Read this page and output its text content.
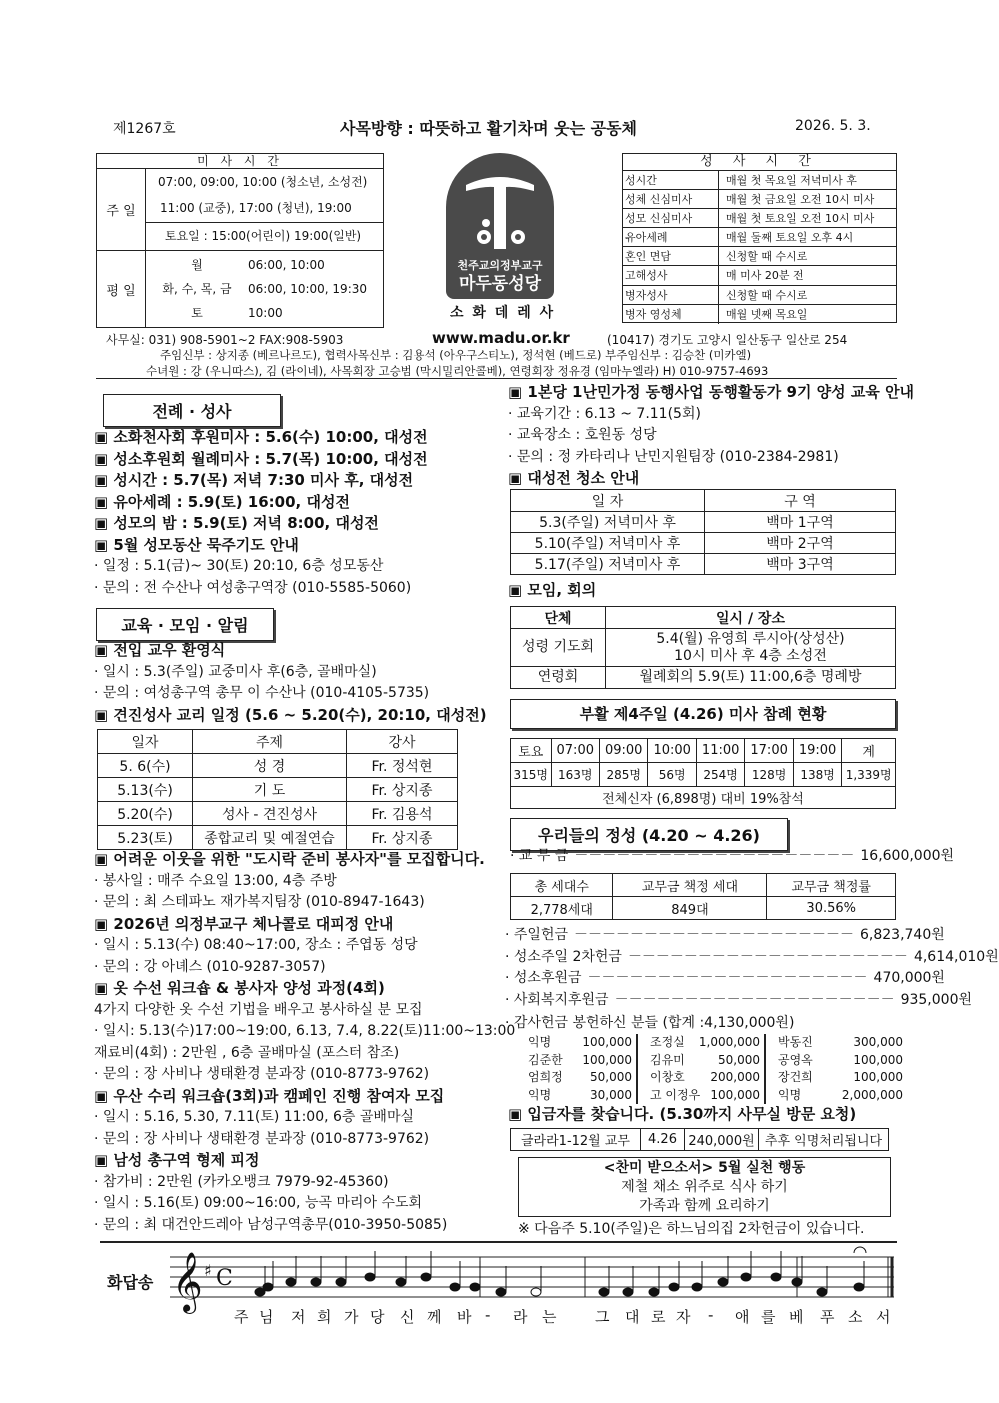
제1267호	사목방향 : 따뜻하고 활기차며 웃는 공동체	2026. 5. 3.
미 사 시 간
주 일
07:00, 09:00, 10:00 (청소년, 소성전)
11:00 (교중), 17:00 (청년), 19:00
토요일 : 15:00(어린이) 19:00(일반)
평 일
월	06:00, 10:00
화, 수, 목, 금	06:00, 10:00, 19:30
토	10:00
천주교의정부교구
마두동성당
소 화 데 레 사
성 사 시 간
성시간	매월 첫 목요일 저녁미사 후
성체 신심미사	매월 첫 금요일 오전 10시 미사
성모 신심미사	매월 첫 토요일 오전 10시 미사
유아세례	매월 둘째 토요일 오후 4시
혼인 면담	신청할 때 수시로
고해성사	매 미사 20분 전
병자성사	신청할 때 수시로
병자 영성체	매월 넷째 목요일
사무실: 031) 908-5901~2 FAX:908-5903	www.madu.or.kr	(10417) 경기도 고양시 일산동구 일산로 254
주임신부 : 상지종 (베르나르도), 협력사목신부 : 김용석 (아우구스티노), 정석현 (베드로) 부주임신부 : 김승찬 (미카엘)
수녀원 : 강 (우니따스), 김 (라이네), 사목회장 고승범 (막시밀리안콜베), 연령회장 정유경 (임마누엘라) H) 010-9757-4693
전례 · 성사
▣ 소화천사회 후원미사 : 5.6(수) 10:00, 대성전
▣ 성소후원회 월례미사 : 5.7(목) 10:00, 대성전
▣ 성시간 : 5.7(목) 저녁 7:30 미사 후, 대성전
▣ 유아세례 : 5.9(토) 16:00, 대성전
▣ 성모의 밤 : 5.9(토) 저녁 8:00, 대성전
▣ 5월 성모동산 묵주기도 안내
· 일정 : 5.1(금)~ 30(토) 20:10, 6층 성모동산
· 문의 : 전 수산나 여성총구역장 (010-5585-5060)
교육 · 모임 · 알림
▣ 전입 교우 환영식
· 일시 : 5.3(주일) 교중미사 후(6층, 골배마실)
· 문의 : 여성총구역 총무 이 수산나 (010-4105-5735)
▣ 견진성사 교리 일정 (5.6 ~ 5.20(수), 20:10, 대성전)
일자	주제	강사
5. 6(수)	성 경	Fr. 정석현
5.13(수)	기 도	Fr. 상지종
5.20(수)	성사 - 견진성사	Fr. 김용석
5.23(토)	종합교리 및 예절연습	Fr. 상지종
▣ 어려운 이웃을 위한 "도시락 준비 봉사자"를 모집합니다.
· 봉사일 : 매주 수요일 13:00, 4층 주방
· 문의 : 최 스테파노 재가복지팀장 (010-8947-1643)
▣ 2026년 의정부교구 체나콜로 대피정 안내
· 일시 : 5.13(수) 08:40~17:00, 장소 : 주엽동 성당
· 문의 : 강 아녜스 (010-9287-3057)
▣ 옷 수선 워크숍 & 봉사자 양성 과정(4회)
4가지 다양한 옷 수선 기법을 배우고 봉사하실 분 모집
· 일시: 5.13(수)17:00~19:00, 6.13, 7.4, 8.22(토)11:00~13:00
재료비(4회) : 2만원 , 6층 골배마실 (포스터 참조)
· 문의 : 장 사비나 생태환경 분과장 (010-8773-9762)
▣ 우산 수리 워크숍(3회)과 캠페인 진행 참여자 모집
· 일시 : 5.16, 5.30, 7.11(토) 11:00, 6층 골배마실
· 문의 : 장 사비나 생태환경 분과장 (010-8773-9762)
▣ 남성 총구역 형제 피정
· 참가비 : 2만원 (카카오뱅크 7979-92-45360)
· 일시 : 5.16(토) 09:00~16:00, 능곡 마리아 수도회
· 문의 : 최 대건안드레아 남성구역총무(010-3950-5085)
▣ 1본당 1난민가정 동행사업 동행활동가 9기 양성 교육 안내
· 교육기간 : 6.13 ~ 7.11(5회)
· 교육장소 : 호원동 성당
· 문의 : 정 카타리나 난민지원팀장 (010-2384-2981)
▣ 대성전 청소 안내
일 자	구 역
5.3(주일) 저녁미사 후	백마 1구역
5.10(주일) 저녁미사 후	백마 2구역
5.17(주일) 저녁미사 후	백마 3구역
▣ 모임, 회의
단체	일시 / 장소
성령 기도회	5.4(월) 유영희 루시아(상성산)
10시 미사 후 4층 소성전
연령회	월례회의 5.9(토) 11:00,6층 명례방
부활 제4주일 (4.26) 미사 참례 현황
토요	07:00	09:00	10:00	11:00	17:00	19:00	계
315명	163명	285명	56명	254명	128명	138명	1,339명
전체신자 (6,898명) 대비 19%참석							
우리들의 정성 (4.20 ~ 4.26)
· 교 무 금 －－－－－－－－－－－－－－－－－－－－ 16,600,000원
총 세대수	교무금 책정 세대	교무금 책정률
2,778세대	849대	30.56%
· 주일헌금 －－－－－－－－－－－－－－－－－－－－ 6,823,740원
· 성소주일 2차헌금 －－－－－－－－－－－－－－－－－－－－ 4,614,010원
· 성소후원금 －－－－－－－－－－－－－－－－－－－－ 470,000원
· 사회복지후원금 －－－－－－－－－－－－－－－－－－－－ 935,000원
· 감사헌금 봉헌하신 분들 (합계 :4,130,000원)
익명	100,000 조정실 1,000,000 박동진	300,000
김준한 100,000 김유미	50,000 공영옥	100,000
엄희정 50,000 이창호 200,000 장건희	100,000
익명	30,000 고 이정우 100,000 익명	2,000,000
▣ 입금자를 찾습니다. (5.30까지 사무실 방문 요청)
글라라1-12월 교무	4.26	240,000원	추후 익명처리됩니다
<찬미 받으소서> 5월 실천 행동
제철 채소 위주로 식사 하기
가족과 함께 요리하기
※ 다음주 5.10(주일)은 하느님의집 2차헌금이 있습니다.
화답송 𝄞 ♯ C
주 님 저 희 가 당 신 께 바 - 라 는	그 대 로 자 - 애 를 베 푸 소 서
